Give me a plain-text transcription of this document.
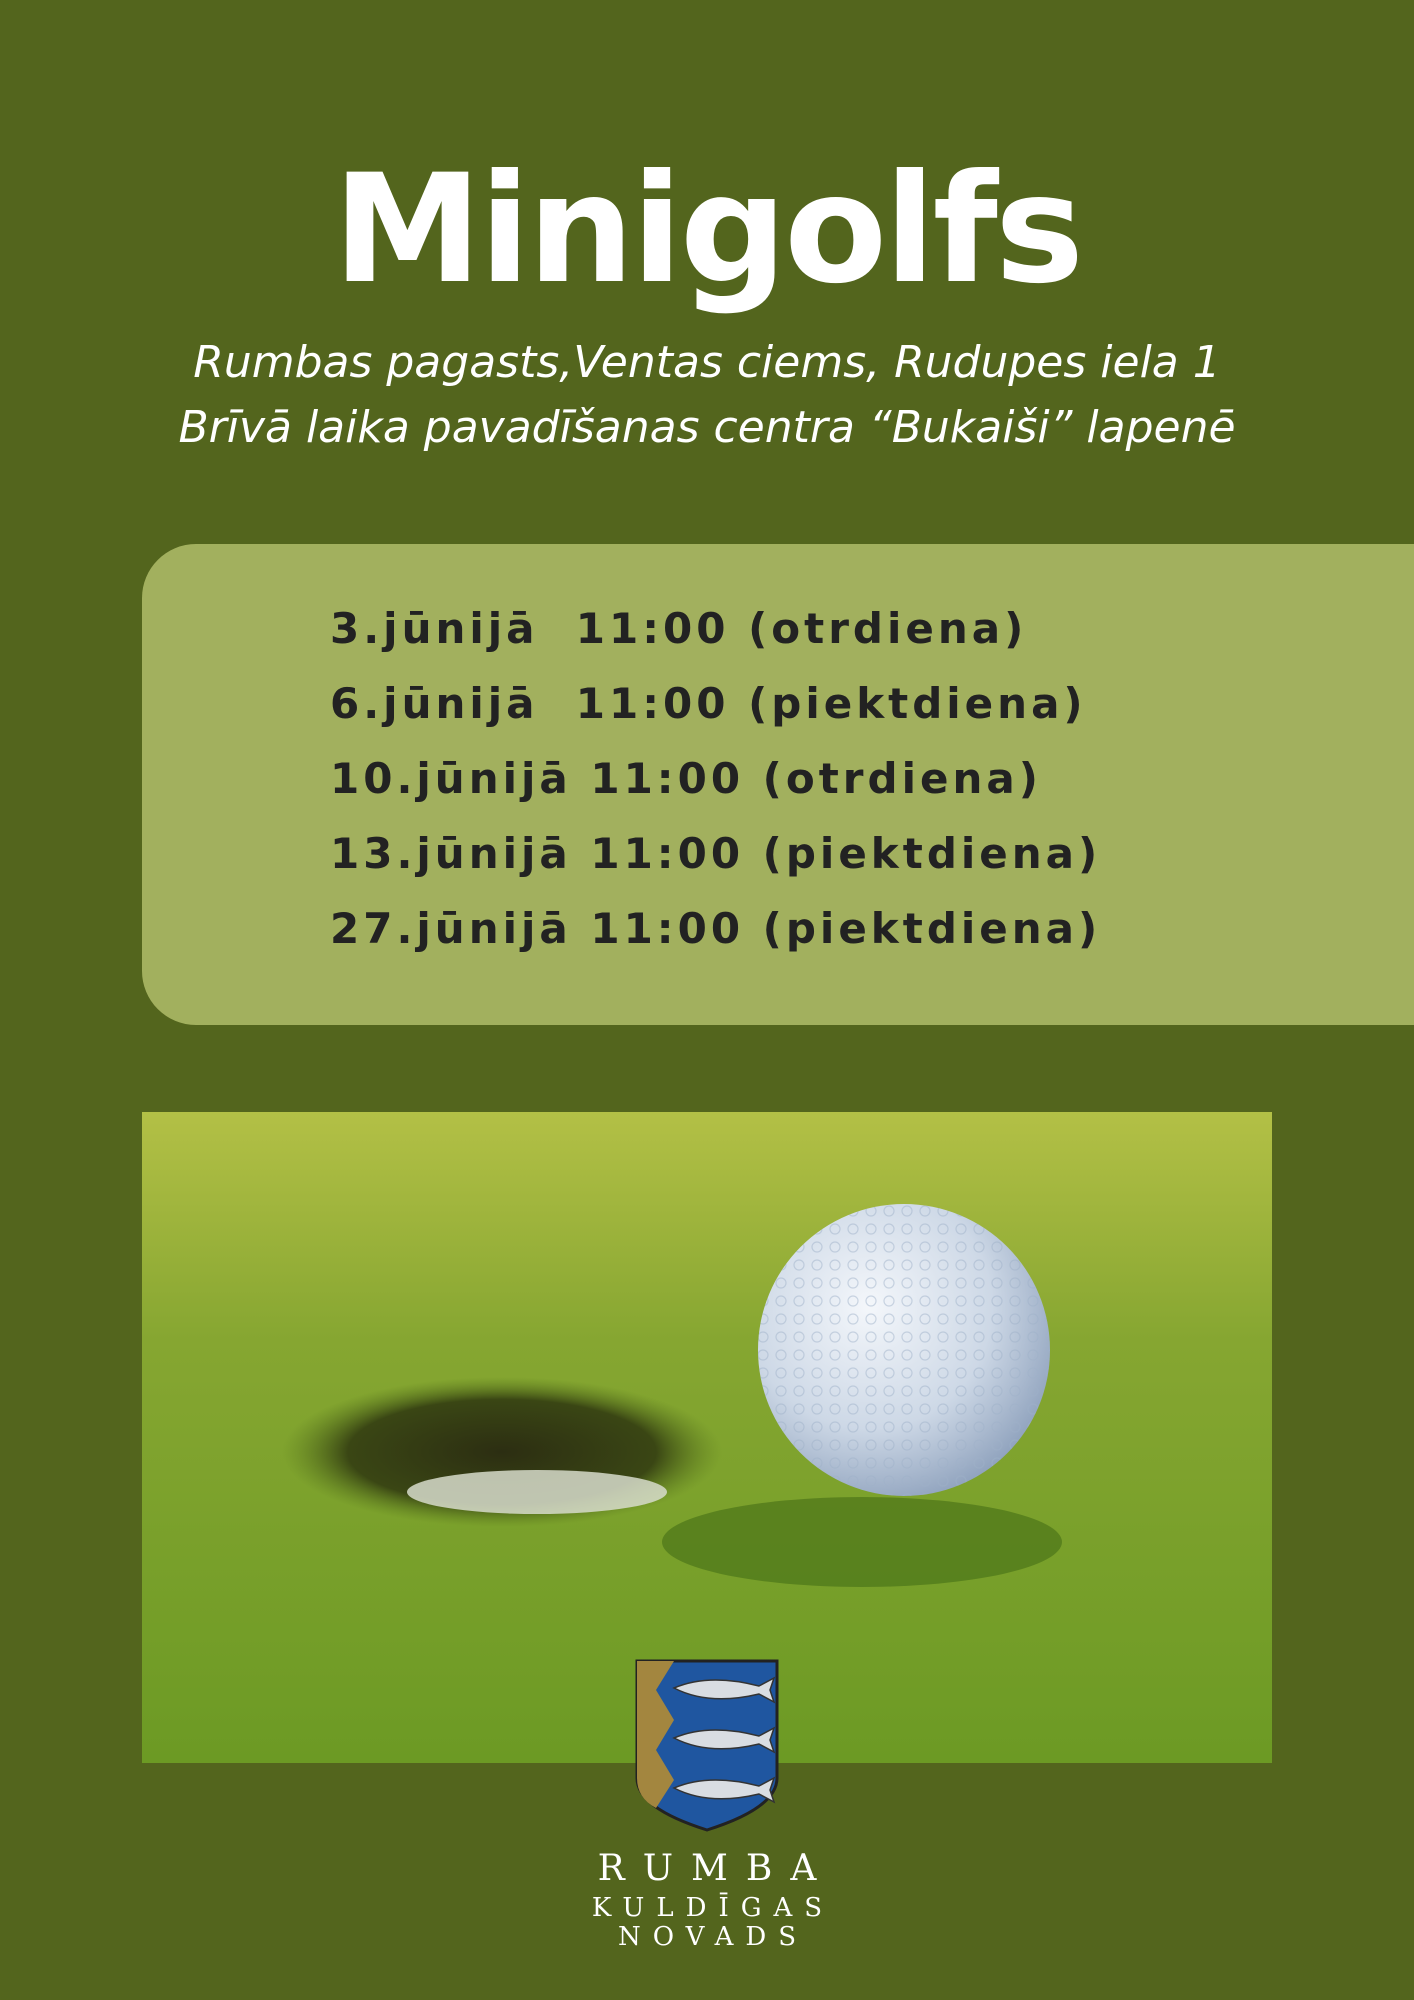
Minigolfs
Rumbas pagasts,Ventas ciems, Rudupes iela 1
Brīvā laika pavadīšanas centra “Bukaiši” lapenē
3.jūnijā  11:00 (otrdiena)
6.jūnijā  11:00 (piektdiena)
10.jūnijā 11:00 (otrdiena)
13.jūnijā 11:00 (piektdiena)
27.jūnijā 11:00 (piektdiena)
RUMBA
KULDĪGAS
NOVADS
